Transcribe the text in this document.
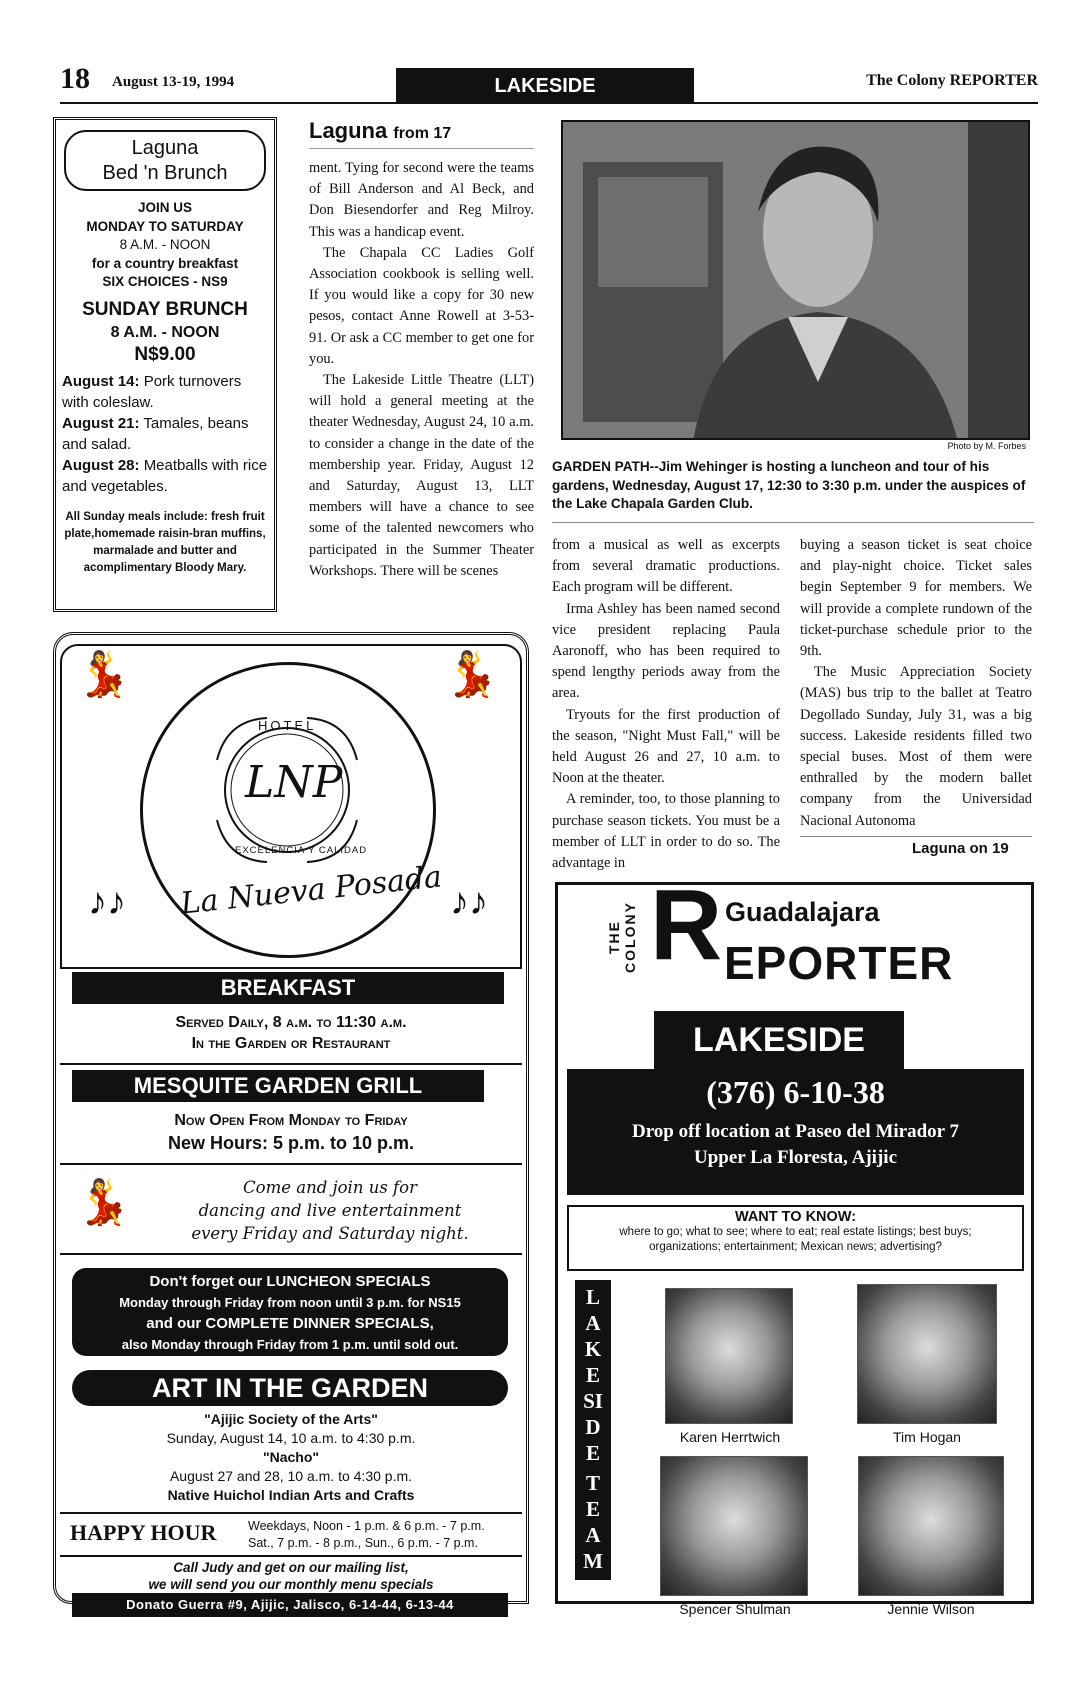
18 August 13-19, 1994	LAKESIDE	The Colony REPORTER
Laguna
Bed 'n Brunch
JOIN US
MONDAY TO SATURDAY
8 A.M. - NOON
for a country breakfast
SIX CHOICES - NS9
SUNDAY BRUNCH
8 A.M. - NOON
N$9.00
August 14: Pork turnovers with coleslaw.
August 21: Tamales, beans and salad.
August 28: Meatballs with rice and vegetables.
All Sunday meals include: fresh fruit plate,homemade raisin-bran muffins, marmalade and butter and acomplimentary Bloody Mary.
Laguna from 17

ment. Tying for second were the teams of Bill Anderson and Al Beck, and Don Biesendorfer and Reg Milroy. This was a handicap event.

The Chapala CC Ladies Golf Association cookbook is selling well. If you would like a copy for 30 new pesos, contact Anne Rowell at 3-53-91. Or ask a CC member to get one for you.

The Lakeside Little Theatre (LLT) will hold a general meeting at the theater Wednesday, August 24, 10 a.m. to consider a change in the date of the membership year. Friday, August 12 and Saturday, August 13, LLT members will have a chance to see some of the talented newcomers who participated in the Summer Theater Workshops. There will be scenes

from a musical as well as excerpts from several dramatic productions. Each program will be different.

Irma Ashley has been named second vice president replacing Paula Aaronoff, who has been required to spend lengthy periods away from the area.

Tryouts for the first production of the season, "Night Must Fall," will be held August 26 and 27, 10 a.m. to Noon at the theater.

A reminder, too, to those planning to purchase season tickets. You must be a member of LLT in order to do so. The advantage in

buying a season ticket is seat choice and play-night choice. Ticket sales begin September 9 for members. We will provide a complete rundown of the ticket-purchase schedule prior to the 9th.

The Music Appreciation Society (MAS) bus trip to the ballet at Teatro Degollado Sunday, July 31, was a big success. Lakeside residents filled two special buses. Most of them were enthralled by the modern ballet company from the Universidad Nacional Autonoma

Laguna on 19
Photo by M. Forbes
GARDEN PATH--Jim Wehinger is hosting a luncheon and tour of his gardens, Wednesday, August 17, 12:30 to 3:30 p.m. under the auspices of the Lake Chapala Garden Club.
💃	💃
♪♪	♪♪
HOTEL
LNP
EXCELENCIA Y CALIDAD
La Nueva Posada
BREAKFAST
Served Daily, 8 a.m. to 11:30 a.m.
In the Garden or Restaurant
MESQUITE GARDEN GRILL
Now Open From Monday to Friday
New Hours: 5 p.m. to 10 p.m.
💃	Come and join us for
dancing and live entertainment
every Friday and Saturday night.
Don't forget our LUNCHEON SPECIALS
Monday through Friday from noon until 3 p.m. for NS15
and our COMPLETE DINNER SPECIALS,
also Monday through Friday from 1 p.m. until sold out.
ART IN THE GARDEN
"Ajijic Society of the Arts"
Sunday, August 14, 10 a.m. to 4:30 p.m.
"Nacho"
August 27 and 28, 10 a.m. to 4:30 p.m.
Native Huichol Indian Arts and Crafts
HAPPY HOUR	Weekdays, Noon - 1 p.m. & 6 p.m. - 7 p.m.
Sat., 7 p.m. - 8 p.m., Sun., 6 p.m. - 7 p.m.
Call Judy and get on our mailing list,
we will send you our monthly menu specials
Donato Guerra #9, Ajijic, Jalisco, 6-14-44, 6-13-44
THE COLONY R Guadalajara
EPORTER
LAKESIDE
(376) 6-10-38
Drop off location at Paseo del Mirador 7
Upper La Floresta, Ajijic
WANT TO KNOW:
where to go; what to see; where to eat; real estate listings; best buys; organizations; entertainment; Mexican news; advertising?
LAKESIDE
TEAM
Karen Herrtwich	Tim Hogan
Spencer Shulman	Jennie Wilson
